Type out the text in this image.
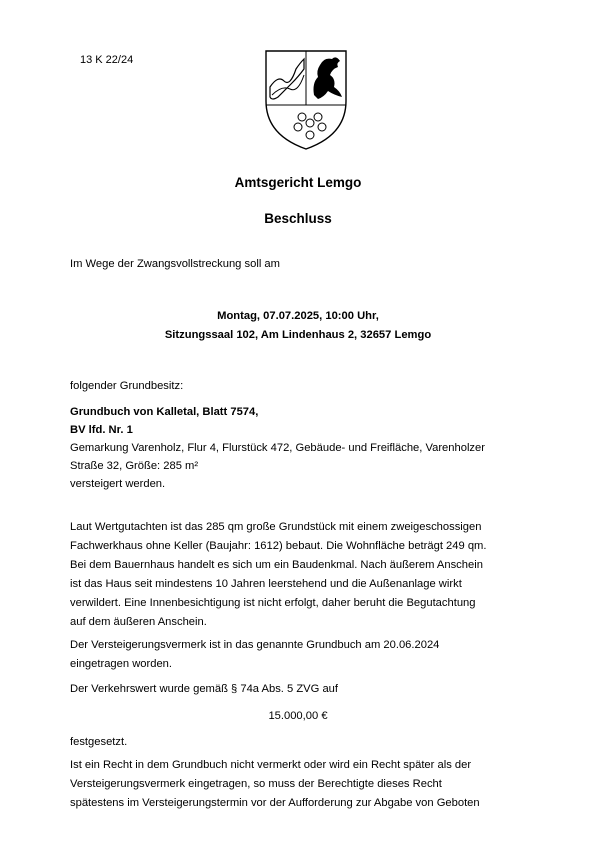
13 K 22/24
Amtsgericht Lemgo
Beschluss
Im Wege der Zwangsvollstreckung soll am
Montag, 07.07.2025, 10:00 Uhr,
Sitzungssaal 102, Am Lindenhaus 2, 32657 Lemgo
folgender Grundbesitz:
Grundbuch von Kalletal, Blatt 7574,
BV lfd. Nr. 1
Gemarkung Varenholz, Flur 4, Flurstück 472, Gebäude- und Freifläche, Varenholzer
Straße 32, Größe: 285 m²
versteigert werden.
Laut Wertgutachten ist das 285 qm große Grundstück mit einem zweigeschossigen
Fachwerkhaus ohne Keller (Baujahr: 1612) bebaut. Die Wohnfläche beträgt 249 qm.
Bei dem Bauernhaus handelt es sich um ein Baudenkmal. Nach äußerem Anschein
ist das Haus seit mindestens 10 Jahren leerstehend und die Außenanlage wirkt
verwildert. Eine Innenbesichtigung ist nicht erfolgt, daher beruht die Begutachtung
auf dem äußeren Anschein.
Der Versteigerungsvermerk ist in das genannte Grundbuch am 20.06.2024
eingetragen worden.
Der Verkehrswert wurde gemäß § 74a Abs. 5 ZVG auf
15.000,00 €
festgesetzt.
Ist ein Recht in dem Grundbuch nicht vermerkt oder wird ein Recht später als der
Versteigerungsvermerk eingetragen, so muss der Berechtigte dieses Recht
spätestens im Versteigerungstermin vor der Aufforderung zur Abgabe von Geboten
